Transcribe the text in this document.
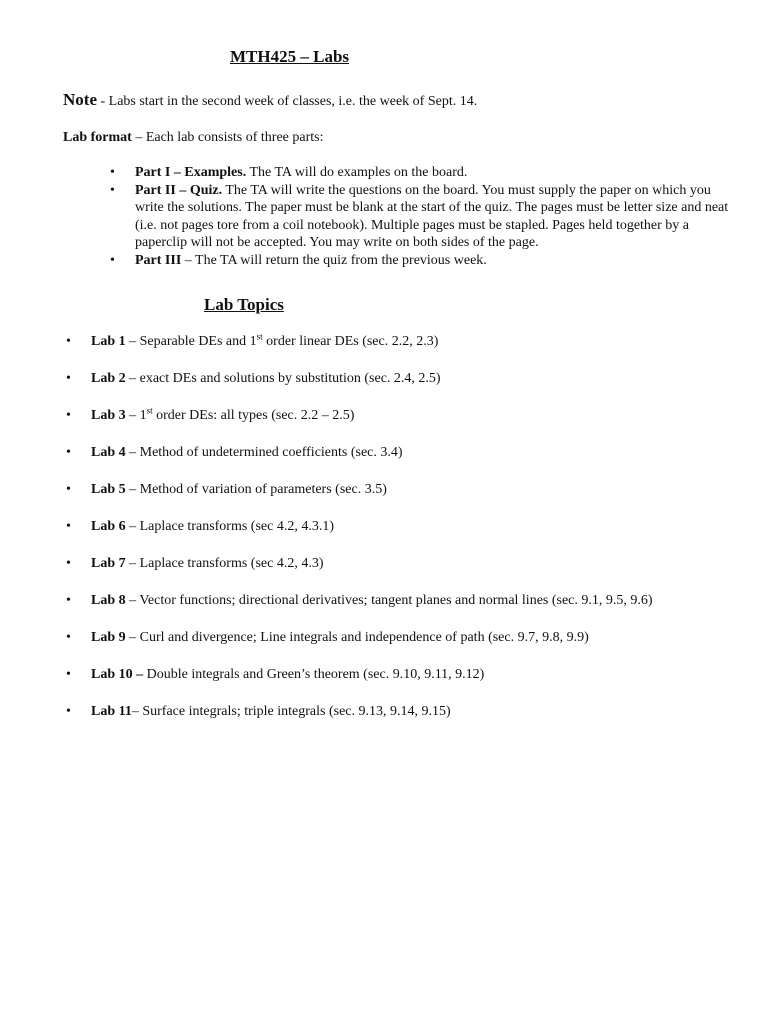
MTH425 – Labs
Note - Labs start in the second week of classes, i.e. the week of Sept. 14.
Lab format – Each lab consists of three parts:
• Part I – Examples. The TA will do examples on the board.
• Part II – Quiz. The TA will write the questions on the board. You must supply the paper on which you write the solutions. The paper must be blank at the start of the quiz. The pages must be letter size and neat (i.e. not pages tore from a coil notebook). Multiple pages must be stapled. Pages held together by a paperclip will not be accepted. You may write on both sides of the page.
• Part III – The TA will return the quiz from the previous week.
Lab Topics
• Lab 1 – Separable DEs and 1st order linear DEs (sec. 2.2, 2.3)
• Lab 2 – exact DEs and solutions by substitution (sec. 2.4, 2.5)
• Lab 3 – 1st order DEs: all types (sec. 2.2 – 2.5)
• Lab 4 – Method of undetermined coefficients (sec. 3.4)
• Lab 5 – Method of variation of parameters (sec. 3.5)
• Lab 6 – Laplace transforms (sec 4.2, 4.3.1)
• Lab 7 – Laplace transforms (sec 4.2, 4.3)
• Lab 8 – Vector functions; directional derivatives; tangent planes and normal lines (sec. 9.1, 9.5, 9.6)
• Lab 9 – Curl and divergence; Line integrals and independence of path (sec. 9.7, 9.8, 9.9)
• Lab 10 – Double integrals and Green’s theorem (sec. 9.10, 9.11, 9.12)
• Lab 11– Surface integrals; triple integrals (sec. 9.13, 9.14, 9.15)
